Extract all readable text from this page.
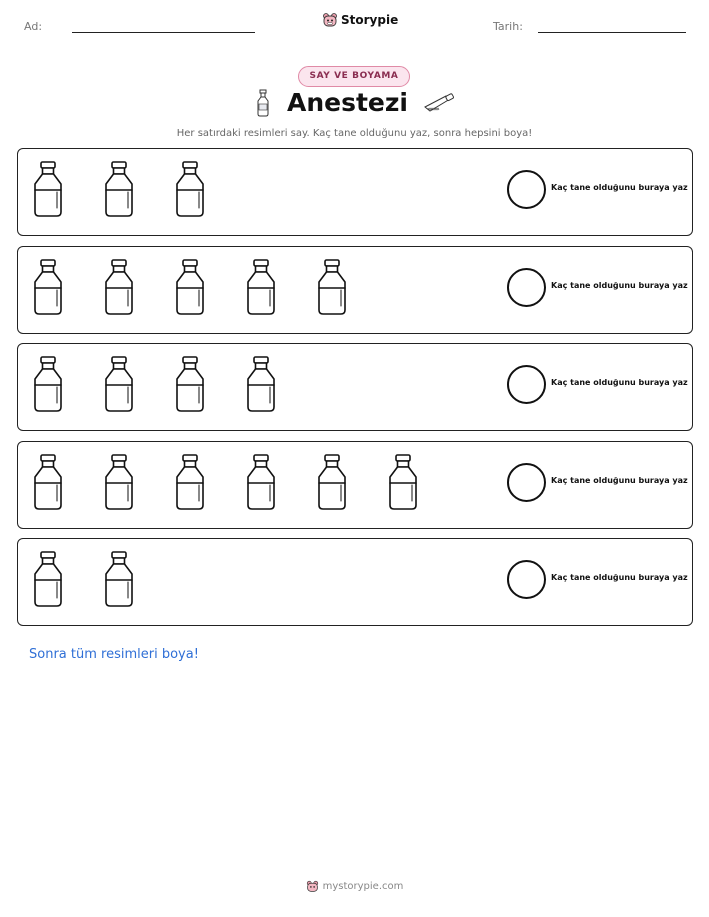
Ad:	Storypie	Tarih:
SAY VE BOYAMA
Anestezi
Her satırdaki resimleri say. Kaç tane olduğunu yaz, sonra hepsini boya!
Kaç tane olduğunu buraya yaz
Kaç tane olduğunu buraya yaz
Kaç tane olduğunu buraya yaz
Kaç tane olduğunu buraya yaz
Kaç tane olduğunu buraya yaz
Sonra tüm resimleri boya!
mystorypie.com
